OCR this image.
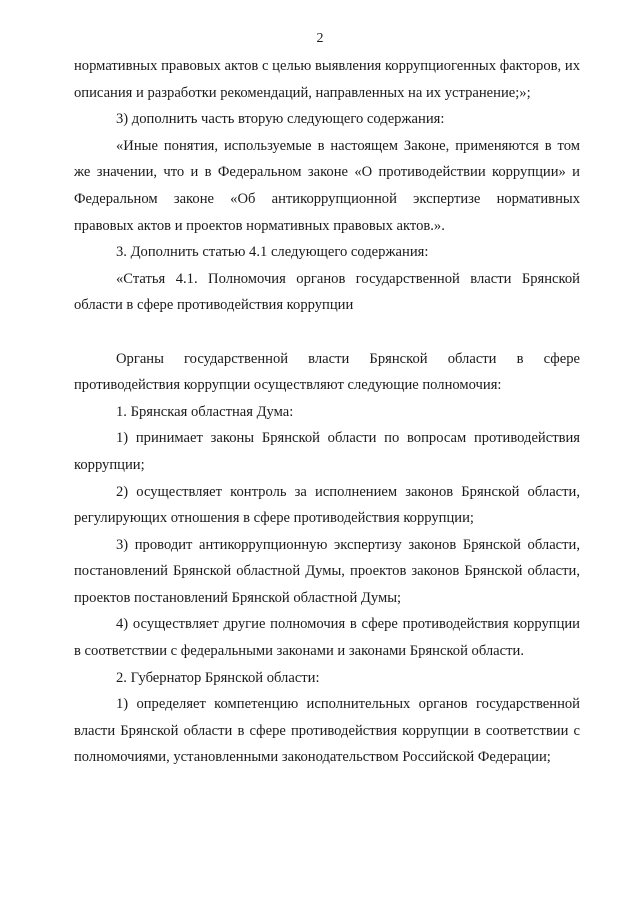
2

нормативных правовых актов с целью выявления коррупциогенных факторов, их описания и разработки рекомендаций, направленных на их устранение;»;

3) дополнить часть вторую следующего содержания:

«Иные понятия, используемые в настоящем Законе, применяются в том же значении, что и в Федеральном законе «О противодействии коррупции» и Федеральном законе «Об антикоррупционной экспертизе нормативных правовых актов и проектов нормативных правовых актов.».

3. Дополнить статью 4.1 следующего содержания:

«Статья 4.1. Полномочия органов государственной власти Брянской области в сфере противодействия коррупции

Органы государственной власти Брянской области в сфере противодействия коррупции осуществляют следующие полномочия:

1. Брянская областная Дума:

1) принимает законы Брянской области по вопросам противодействия коррупции;

2) осуществляет контроль за исполнением законов Брянской области, регулирующих отношения в сфере противодействия коррупции;

3) проводит антикоррупционную экспертизу законов Брянской области, постановлений Брянской областной Думы, проектов законов Брянской области, проектов постановлений Брянской областной Думы;

4) осуществляет другие полномочия в сфере противодействия коррупции в соответствии с федеральными законами и законами Брянской области.

2. Губернатор Брянской области:

1) определяет компетенцию исполнительных органов государственной власти Брянской области в сфере противодействия коррупции в соответствии с полномочиями, установленными законодательством Российской Федерации;
